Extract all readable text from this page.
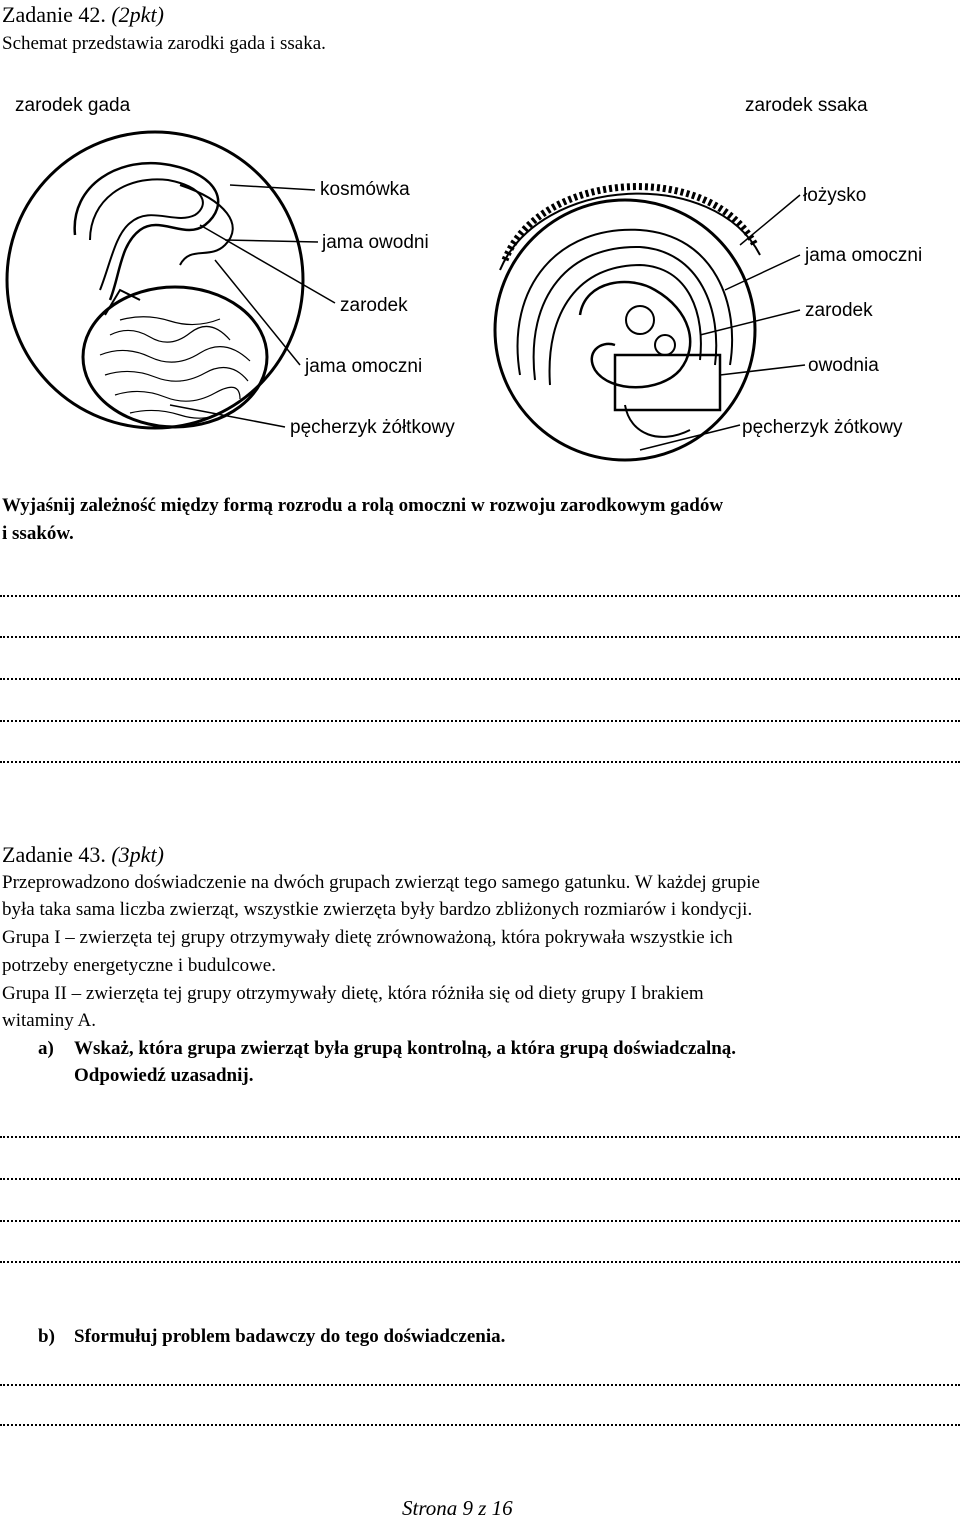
Zadanie 42. (2pkt)
Schemat przedstawia zarodki gada i ssaka.
zarodek gada
kosmówka
jama owodni
zarodek
jama omoczni
pęcherzyk żółtkowy
zarodek ssaka
łożysko
jama omoczni
zarodek
owodnia
pęcherzyk żótkowy
Wyjaśnij zależność między formą rozrodu a rolą omoczni w rozwoju zarodkowym gadów
i ssaków.
Zadanie 43. (3pkt)
Przeprowadzono doświadczenie na dwóch grupach zwierząt tego samego gatunku. W każdej grupie
była taka sama liczba zwierząt, wszystkie zwierzęta były bardzo zbliżonych rozmiarów i kondycji.
Grupa I – zwierzęta tej grupy otrzymywały dietę zrównoważoną, która pokrywała wszystkie ich
potrzeby energetyczne i budulcowe.
Grupa II – zwierzęta tej grupy otrzymywały dietę, która różniła się od diety grupy I brakiem
witaminy A.
a) Wskaż, która grupa zwierząt była grupą kontrolną, a która grupą doświadczalną.
Odpowiedź uzasadnij.
b) Sformułuj problem badawczy do tego doświadczenia.
Strona 9 z 16
